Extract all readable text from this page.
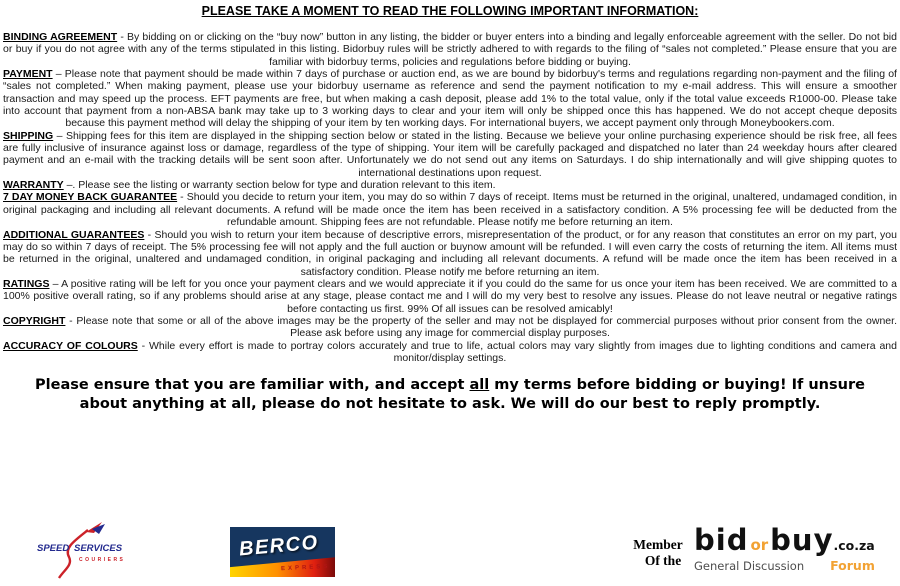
PLEASE TAKE A MOMENT TO READ THE FOLLOWING IMPORTANT INFORMATION:

BINDING AGREEMENT - By bidding on or clicking on the “buy now” button in any listing, the bidder or buyer enters into a binding and legally enforceable agreement with the seller. Do not bid or buy if you do not agree with any of the terms stipulated in this listing. Bidorbuy rules will be strictly adhered to with regards to the filing of “sales not completed.” Please ensure that you are familiar with bidorbuy terms, policies and regulations before bidding or buying.

PAYMENT – Please note that payment should be made within 7 days of purchase or auction end, as we are bound by bidorbuy's terms and regulations regarding non-payment and the filing of “sales not completed.” When making payment, please use your bidorbuy username as reference and send the payment notification to my e-mail address. This will ensure a smoother transaction and may speed up the process. EFT payments are free, but when making a cash deposit, please add 1% to the total value, only if the total value exceeds R1000-00. Please take into account that payment from a non-ABSA bank may take up to 3 working days to clear and your item will only be shipped once this has happened. We do not accept cheque deposits because this payment method will delay the shipping of your item by ten working days. For international buyers, we accept payment only through Moneybookers.com.

SHIPPING – Shipping fees for this item are displayed in the shipping section below or stated in the listing. Because we believe your online purchasing experience should be risk free, all fees are fully inclusive of insurance against loss or damage, regardless of the type of shipping. Your item will be carefully packaged and dispatched no later than 24 weekday hours after cleared payment and an e-mail with the tracking details will be sent soon after. Unfortunately we do not send out any items on Saturdays. I do ship internationally and will give shipping quotes to international destinations upon request.

WARRANTY –. Please see the listing or warranty section below for type and duration relevant to this item.

7 DAY MONEY BACK GUARANTEE - Should you decide to return your item, you may do so within 7 days of receipt. Items must be returned in the original, unaltered, undamaged condition, in original packaging and including all relevant documents. A refund will be made once the item has been received in a satisfactory condition. A 5% processing fee will be deducted from the refundable amount. Shipping fees are not refundable. Please notify me before returning an item.

ADDITIONAL GUARANTEES - Should you wish to return your item because of descriptive errors, misrepresentation of the product, or for any reason that constitutes an error on my part, you may do so within 7 days of receipt. The 5% processing fee will not apply and the full auction or buynow amount will be refunded. I will even carry the costs of returning the item. All items must be returned in the original, unaltered and undamaged condition, in original packaging and including all relevant documents. A refund will be made once the item has been received in a satisfactory condition. Please notify me before returning an item.

RATINGS – A positive rating will be left for you once your payment clears and we would appreciate it if you could do the same for us once your item has been received. We are committed to a 100% positive overall rating, so if any problems should arise at any stage, please contact me and I will do my very best to resolve any issues. Please do not leave neutral or negative ratings before contacting us first. 99% Of all issues can be resolved amicably!

COPYRIGHT - Please note that some or all of the above images may be the property of the seller and may not be displayed for commercial purposes without prior consent from the owner. Please ask before using any image for commercial display purposes.

ACCURACY OF COLOURS - While every effort is made to portray colors accurately and true to life, actual colors may vary slightly from images due to lighting conditions and camera and monitor/display settings.

Please ensure that you are familiar with, and accept all my terms before bidding or buying! If unsure about anything at all, please do not hesitate to ask. We will do our best to reply promptly.

SPEED SERVICES
COURIERS	BERCO
EXPRESS
Member
Of the
bid orbuy.co.za
General Discussion Forum
